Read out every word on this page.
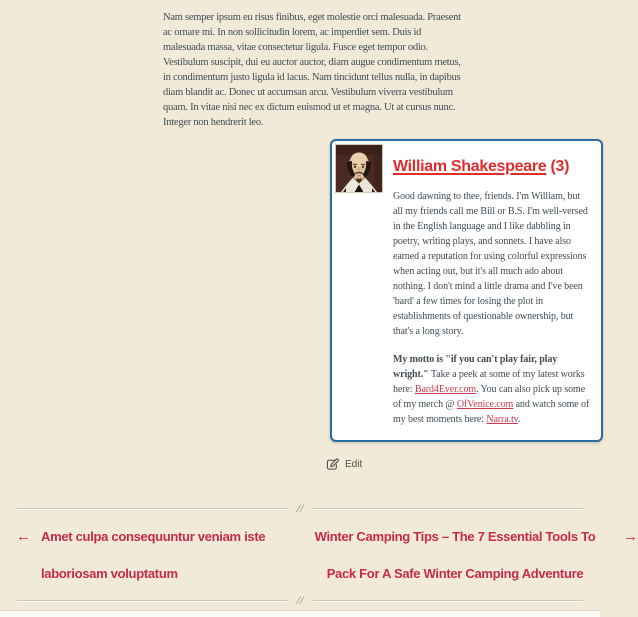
Nam semper ipsum eu risus finibus, eget molestie orci malesuada. Praesent ac ornare mi. In non sollicitudin lorem, ac imperdiet sem. Duis id malesuada massa, vitae consectetur ligula. Fusce eget tempor odio. Vestibulum suscipit, dui eu auctor auctor, diam augue condimentum metus, in condimentum justo ligula id lacus. Nam tincidunt tellus nulla, in dapibus diam blandit ac. Donec ut accumsan arcu. Vestibulum viverra vestibulum quam. In vitae nisi nec ex dictum euismod ut et magna. Ut at cursus nunc. Integer non hendrerit leo.

William Shakespeare (3)

Good dawning to thee, friends. I'm William, but all my friends call me Bill or B.S. I'm well-versed in the English language and I like dabbling in poetry, writing plays, and sonnets. I have also earned a reputation for using colorful expressions when acting out, but it's all much ado about nothing. I don't mind a little drama and I've been 'bard' a few times for losing the plot in establishments of questionable ownership, but that's a long story.

My motto is "if you can't play fair, play wright." Take a peek at some of my latest works here: Bard4Ever.com. You can also pick up some of my merch @ OfVenice.com and watch some of my best moments here: Narra.tv.

Edit
//
← Amet culpa consequuntur veniam iste laboriosam voluptatum
Winter Camping Tips – The 7 Essential Tools To Pack For A Safe Winter Camping Adventure
→
//
